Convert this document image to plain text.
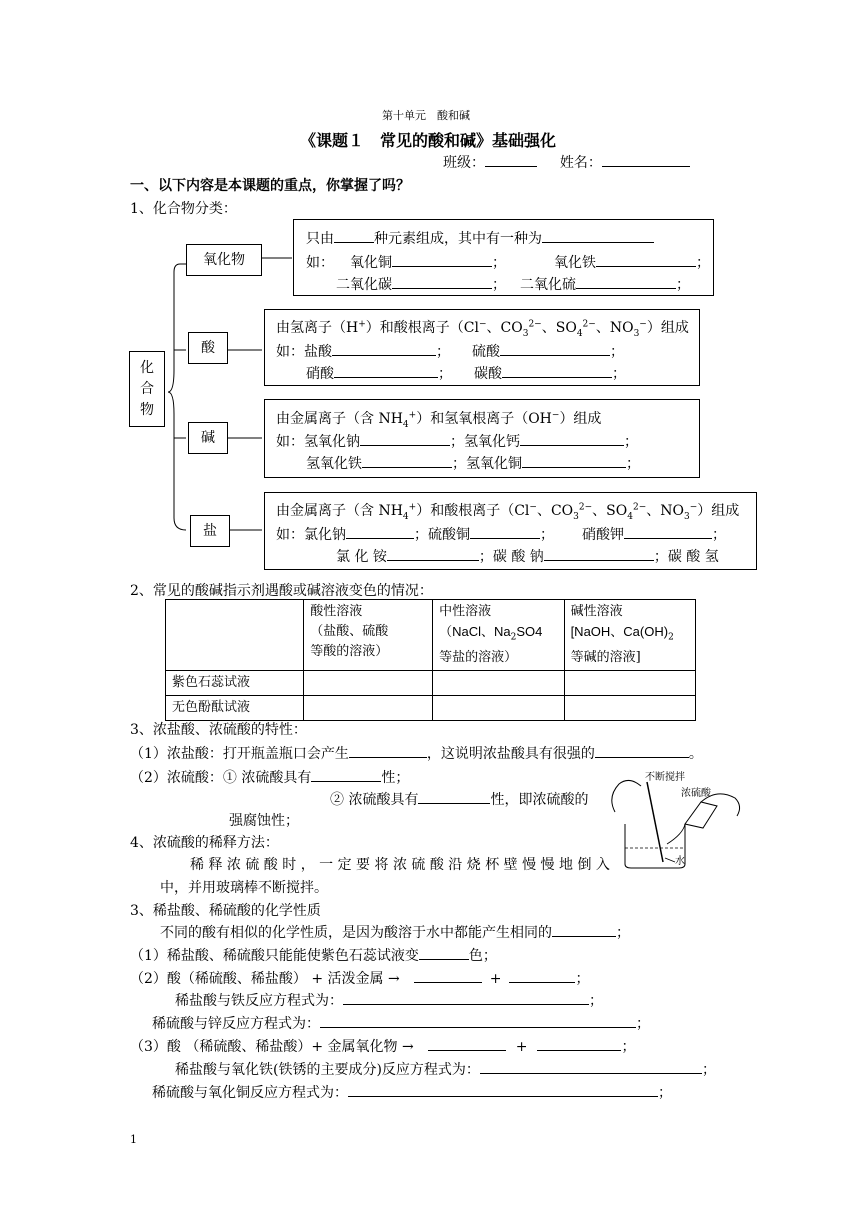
第十单元　酸和碱
《课题１　常见的酸和碱》基础强化
班级：	姓名：
一、以下内容是本课题的重点，你掌握了吗？
1、化合物分类：
化合物
氧化物
只由	种元素组成，其中有一种为
如： 氧化铜	；	氧化铁	；
二氧化碳	； 二氧化硫	；
酸
由氢离子（H+）和酸根离子（Cl−、$CO_3^{2-}$、$SO_4^{2-}$、$NO_3^-$）组成
如：盐酸	； 硫酸	；
硝酸	； 碳酸	；
碱
由金属离子（含 $NH_4^+$）和氢氧根离子（OH−）组成
如：氢氧化钠	；氢氧化钙	；
氢氧化铁	；氢氧化铜	；
盐
由金属离子（含 $NH_4^+$）和酸根离子（Cl−、$CO_3^{2-}$、$SO_4^{2-}$、$NO_3^-$）组成
如：氯化钠	；硫酸铜	； 硝酸钾	；
氯 化 铵	；碳 酸 钠	；碳 酸 氢
2、常见的酸碱指示剂遇酸或碱溶液变色的情况：
	酸性溶液
（盐酸、硫酸
等酸的溶液）	中性溶液
（NaCl、$Na_2SO4$
等盐的溶液）	碱性溶液
[NaOH、$Ca(OH)_2$
等碱的溶液]
紫色石蕊试液			
无色酚酞试液			
3、浓盐酸、浓硫酸的特性：
（1）浓盐酸：打开瓶盖瓶口会产生	，这说明浓盐酸具有很强的	。
（2）浓硫酸：① 浓硫酸具有	性；
② 浓硫酸具有	性，即浓硫酸的
强腐蚀性；
不断搅拌
浓硫酸
水
4、浓硫酸的稀释方法：
稀 释 浓 硫 酸 时 ， 一 定 要 将 浓 硫 酸 沿 烧 杯 壁 慢 慢 地 倒 入
中，并用玻璃棒不断搅拌。
3、稀盐酸、稀硫酸的化学性质
不同的酸有相似的化学性质，是因为酸溶于水中都能产生相同的	；
（1）稀盐酸、稀硫酸只能能使紫色石蕊试液变	色；
（2）酸（稀硫酸、稀盐酸） + 活泼金属 →	+	；
稀盐酸与铁反应方程式为：	；
稀硫酸与锌反应方程式为：	；
（3）酸 （稀硫酸、稀盐酸）+ 金属氧化物 →	+	；
稀盐酸与氧化铁(铁锈的主要成分)反应方程式为：	；
稀硫酸与氧化铜反应方程式为：	；
1
